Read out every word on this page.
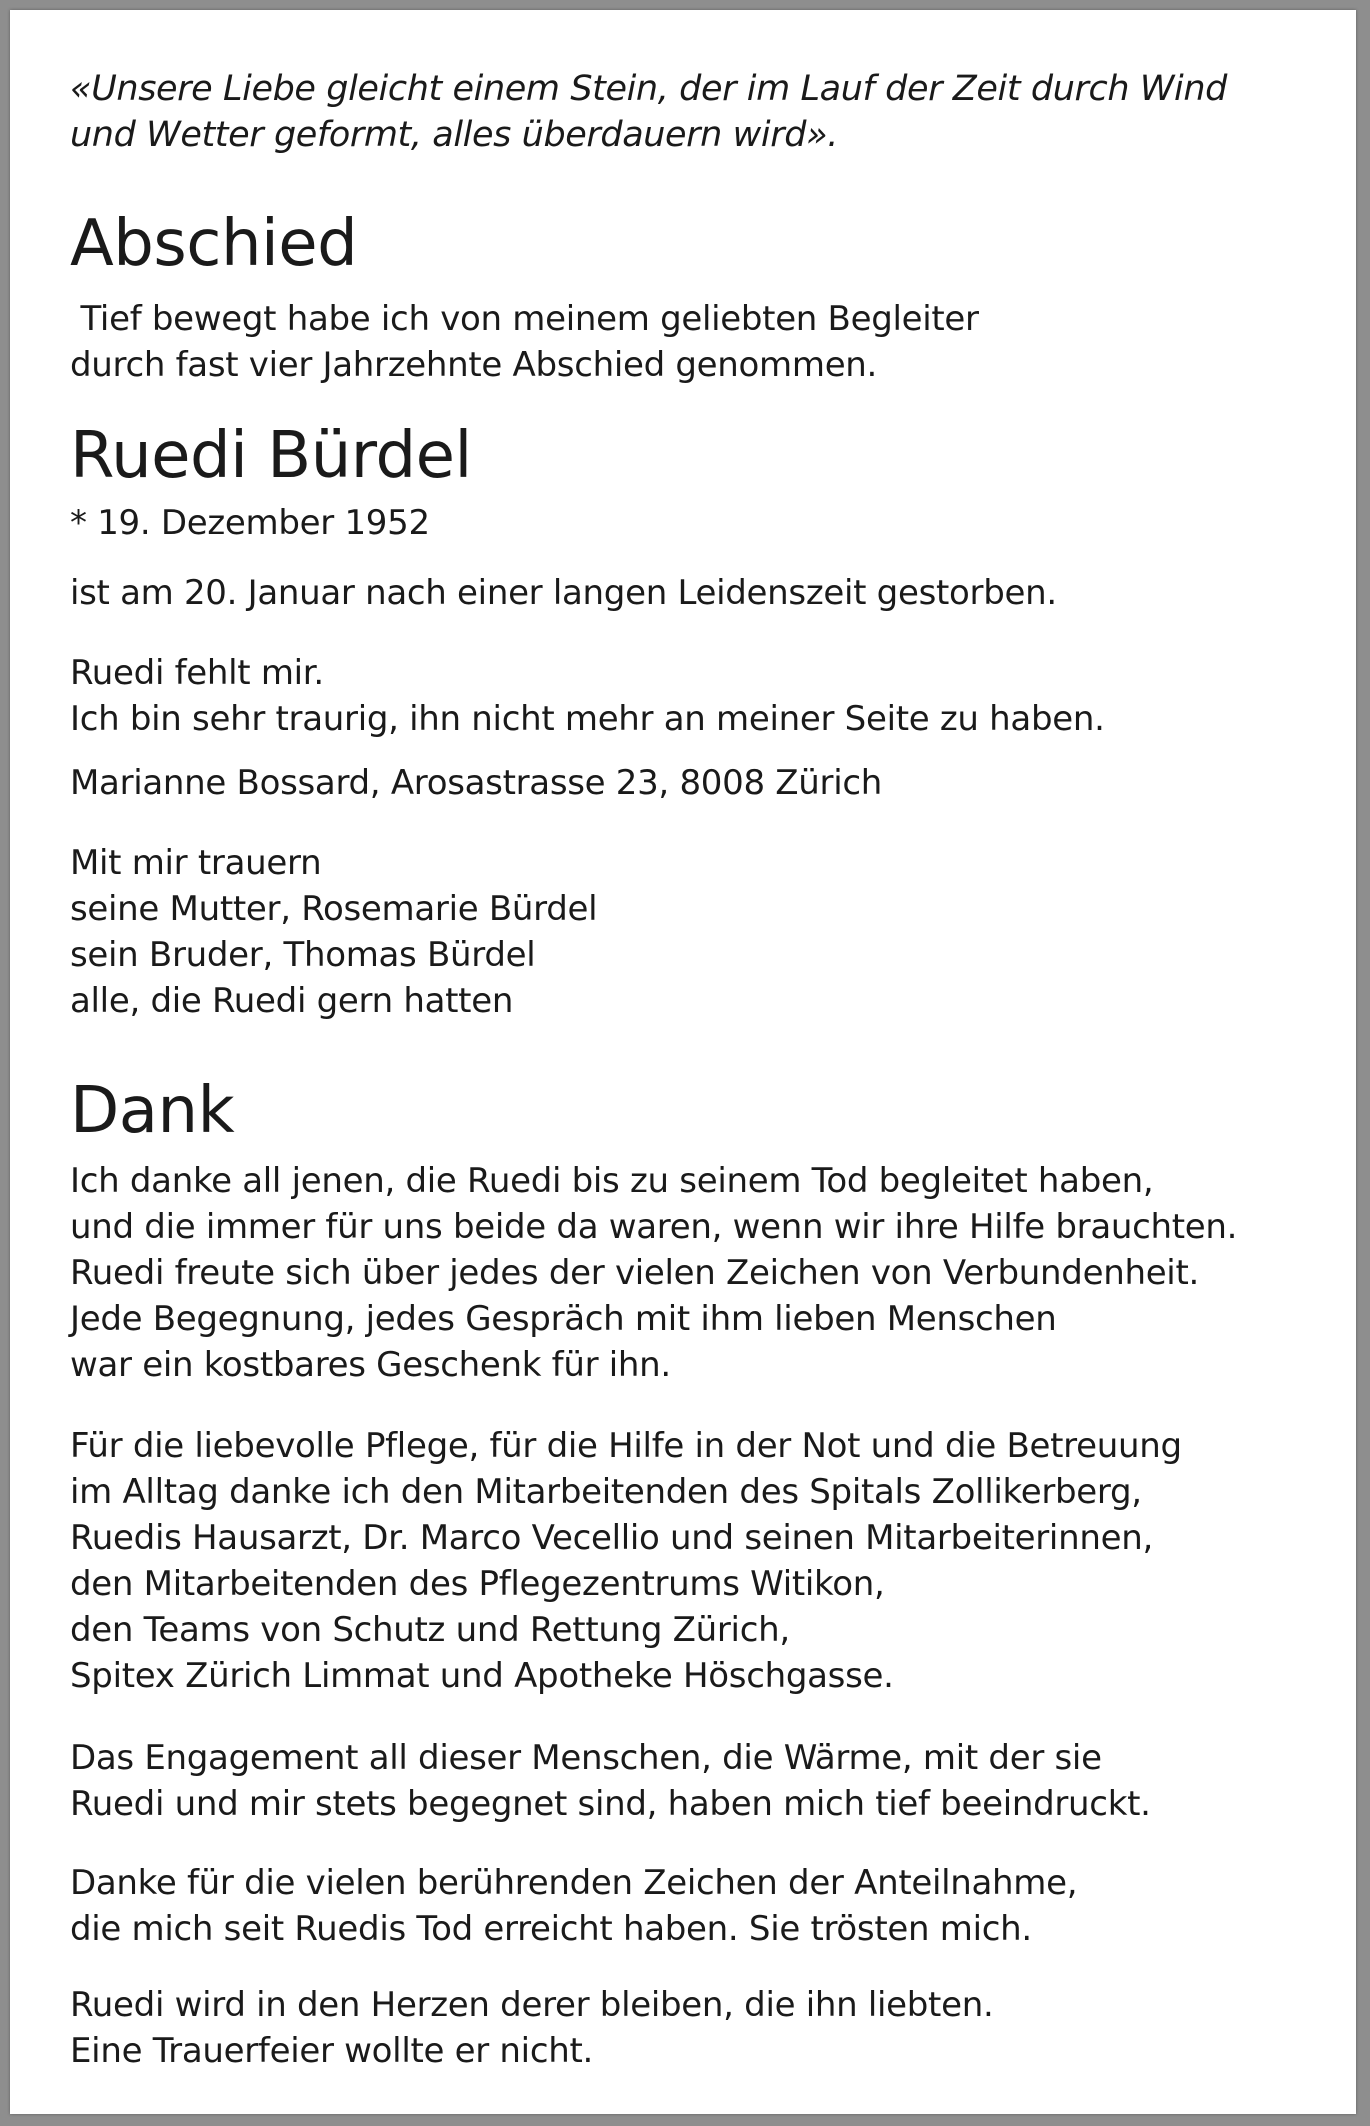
«Unsere Liebe gleicht einem Stein, der im Lauf der Zeit durch Wind
und Wetter geformt, alles überdauern wird».
Abschied
Tief bewegt habe ich von meinem geliebten Begleiter
durch fast vier Jahrzehnte Abschied genommen.
Ruedi Bürdel
* 19. Dezember 1952
ist am 20. Januar nach einer langen Leidenszeit gestorben.
Ruedi fehlt mir.
Ich bin sehr traurig, ihn nicht mehr an meiner Seite zu haben.
Marianne Bossard, Arosastrasse 23, 8008 Zürich
Mit mir trauern
seine Mutter, Rosemarie Bürdel
sein Bruder, Thomas Bürdel
alle, die Ruedi gern hatten
Dank
Ich danke all jenen, die Ruedi bis zu seinem Tod begleitet haben,
und die immer für uns beide da waren, wenn wir ihre Hilfe brauchten.
Ruedi freute sich über jedes der vielen Zeichen von Verbundenheit.
Jede Begegnung, jedes Gespräch mit ihm lieben Menschen
war ein kostbares Geschenk für ihn.
Für die liebevolle Pflege, für die Hilfe in der Not und die Betreuung
im Alltag danke ich den Mitarbeitenden des Spitals Zollikerberg,
Ruedis Hausarzt, Dr. Marco Vecellio und seinen Mitarbeiterinnen,
den Mitarbeitenden des Pflegezentrums Witikon,
den Teams von Schutz und Rettung Zürich,
Spitex Zürich Limmat und Apotheke Höschgasse.
Das Engagement all dieser Menschen, die Wärme, mit der sie
Ruedi und mir stets begegnet sind, haben mich tief beeindruckt.
Danke für die vielen berührenden Zeichen der Anteilnahme,
die mich seit Ruedis Tod erreicht haben. Sie trösten mich.
Ruedi wird in den Herzen derer bleiben, die ihn liebten.
Eine Trauerfeier wollte er nicht.
